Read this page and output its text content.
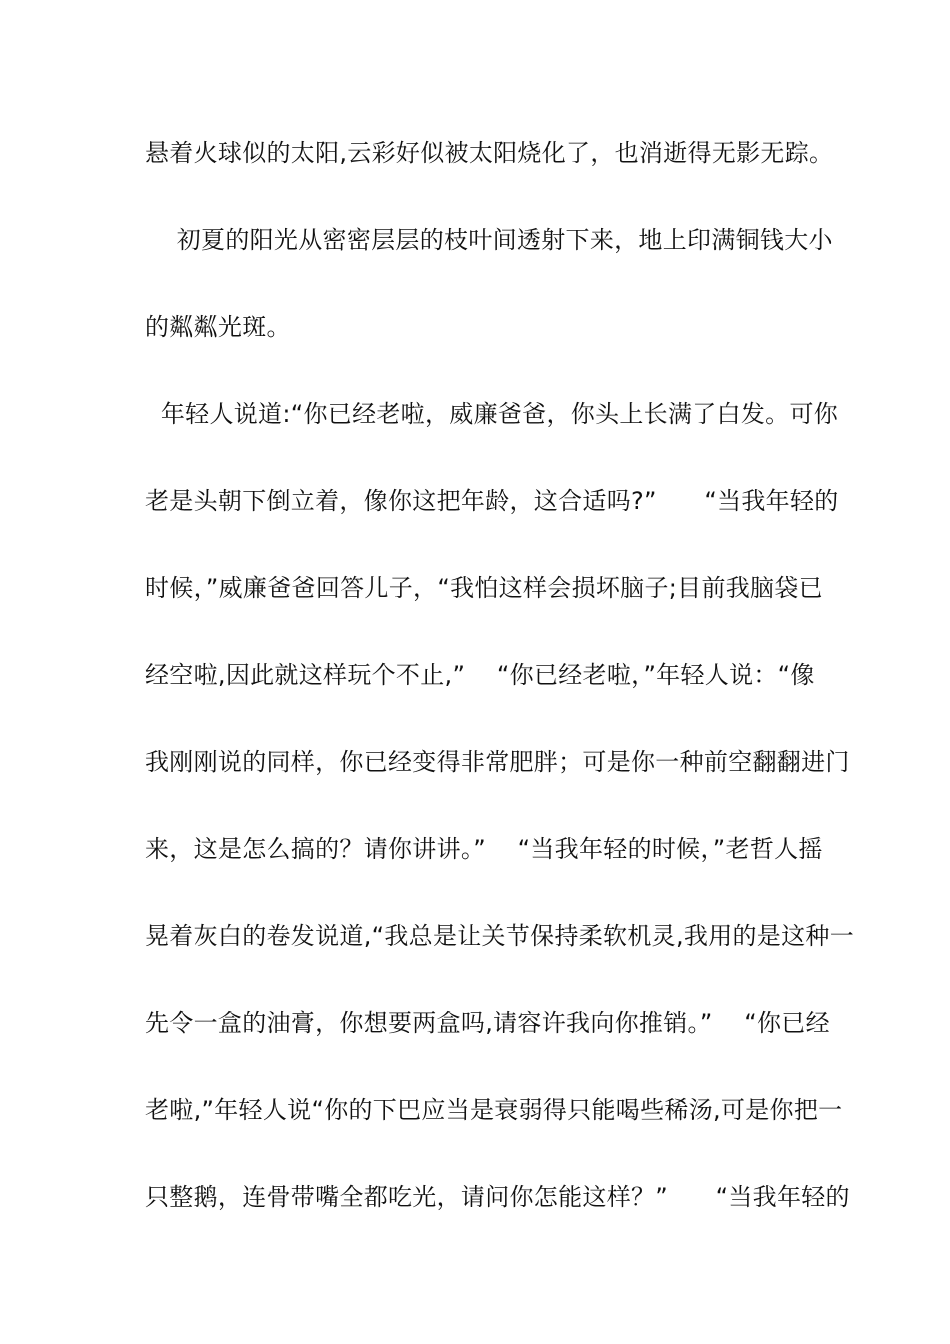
悬着火球似的太阳,云彩好似被太阳烧化了，也消逝得无影无踪。
初夏的阳光从密密层层的枝叶间透射下来，地上印满铜钱大小
的粼粼光斑。
年轻人说道:“你已经老啦，威廉爸爸，你头上长满了白发。可你
老是头朝下倒立着，像你这把年龄，这合适吗?”      “当我年轻的
时候，”威廉爸爸回答儿子，“我怕这样会损坏脑子;目前我脑袋已
经空啦,因此就这样玩个不止,”    “你已经老啦，”年轻人说：“像
我刚刚说的同样，你已经变得非常肥胖；可是你一种前空翻翻进门
来，这是怎么搞的？请你讲讲。”    “当我年轻的时候，”老哲人摇
晃着灰白的卷发说道,“我总是让关节保持柔软机灵,我用的是这种一
先令一盒的油膏，你想要两盒吗,请容许我向你推销。”    “你已经
老啦,”年轻人说“你的下巴应当是衰弱得只能喝些稀汤,可是你把一
只整鹅，连骨带嘴全都吃光，请问你怎能这样？”      “当我年轻的
